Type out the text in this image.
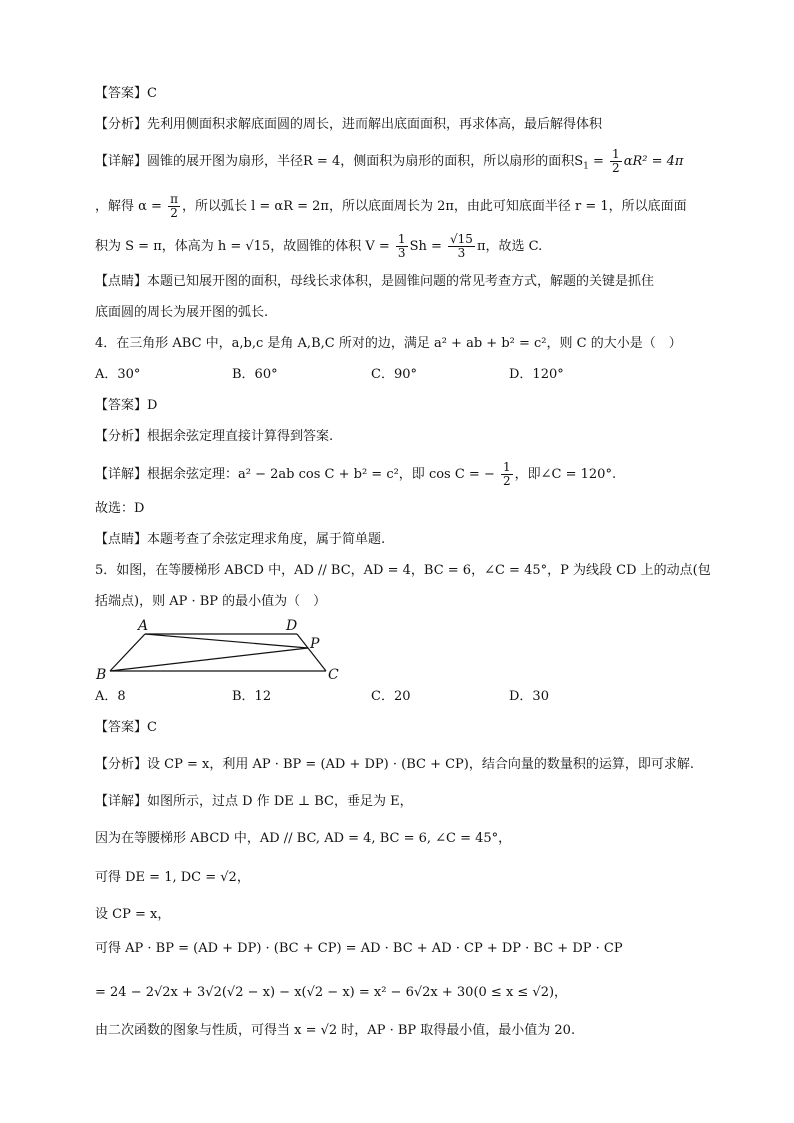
【答案】C
【分析】先利用侧面积求解底面圆的周长，进而解出底面面积，再求体高，最后解得体积
【详解】圆锥的展开图为扇形，半径R = 4，侧面积为扇形的面积，所以扇形的面积$S_1 = \frac{1}{2} \alpha R^2 = 4\pi$
，解得 $\alpha = \frac{\pi}{2}$ ，所以弧长 l = αR = 2π，所以底面周长为 2π，由此可知底面半径 r = 1，所以底面面
积为 S = π，体高为 h = √15，故圆锥的体积 $V = \frac{1}{3}$ $Sh = \frac{√15}{3}$ π，故选 C.
【点睛】本题已知展开图的面积，母线长求体积，是圆锥问题的常见考查方式，解题的关键是抓住
底面圆的周长为展开图的弧长.
4．在三角形 ABC 中，a,b,c 是角 A,B,C 所对的边，满足 a² + ab + b² = c²，则 C 的大小是（　）
A．30°	B．60°	C．90°	D．120°
【答案】D
【分析】根据余弦定理直接计算得到答案.
【详解】根据余弦定理：a² − 2ab cos C + b² = c²，即 cos C = − $\frac{1}{2}$ ，即∠C = 120°.
故选：D
【点睛】本题考查了余弦定理求角度，属于简单题.
5．如图，在等腰梯形 ABCD 中，AD // BC，AD = 4，BC = 6，∠C = 45°，P 为线段 CD 上的动点(包
括端点)，则 AP · BP 的最小值为（　）
A	D
P
B	C
A．8	B．12	C．20	D．30
【答案】C
【分析】设 CP = x，利用 AP · BP = (AD + DP) · (BC + CP)，结合向量的数量积的运算，即可求解.
【详解】如图所示，过点 D 作 DE ⊥ BC，垂足为 E，
因为在等腰梯形 ABCD 中，AD // BC, AD = 4, BC = 6, ∠C = 45°，
可得 DE = 1, DC = √2，
设 CP = x，
可得 AP · BP = (AD + DP) · (BC + CP) = AD · BC + AD · CP + DP · BC + DP · CP
= 24 − 2√2x + 3√2(√2 − x) − x(√2 − x) = x² − 6√2x + 30(0 ≤ x ≤ √2)，
由二次函数的图象与性质，可得当 x = √2 时，AP · BP 取得最小值，最小值为 20.
